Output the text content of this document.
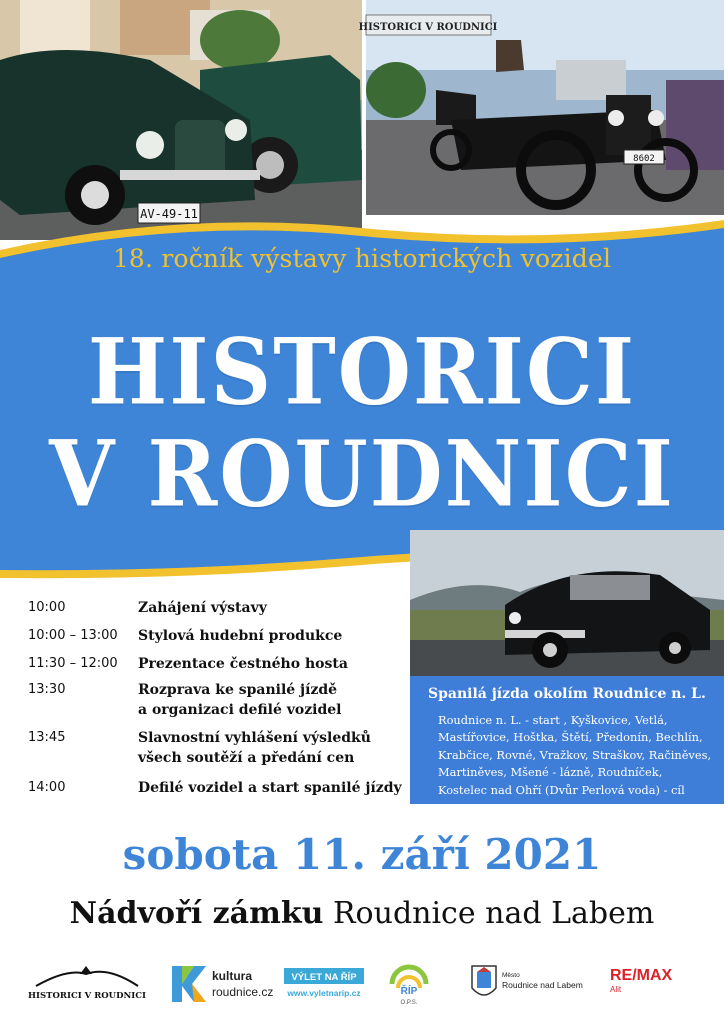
AV-49-11
HISTORICI V ROUDNICI
8602
18. ročník výstavy historických vozidel
HISTORICI
V ROUDNICI
10:00	Zahájení výstavy
10:00 – 13:00 Stylová hudební produkce
11:30 – 12:00 Prezentace čestného hosta
13:30	Rozprava ke spanilé jízdě
a organizaci defilé vozidel
13:45	Slavnostní vyhlášení výsledků
všech soutěží a předání cen
14:00	Defilé vozidel a start spanilé jízdy
Spanilá jízda okolím Roudnice n. L.
Roudnice n. L. - start , Kyškovice, Vetlá,
Mastířovice, Hoštka, Štětí, Předonín, Bechlín,
Krabčice, Rovné, Vražkov, Straškov, Račiněves,
Martiněves, Mšené - lázně, Roudníček,
Kostelec nad Ohří (Dvůr Perlová voda) - cíl
sobota 11. září 2021
Nádvoří zámku Roudnice nad Labem
HISTORICI V ROUDNICI
kultura
roudnice.cz
VÝLET NA ŘÍP
www.vyletnarip.cz	ŘÍP
O.P.S.
Město
Roudnice nad Labem
RE/MAX
Alit
